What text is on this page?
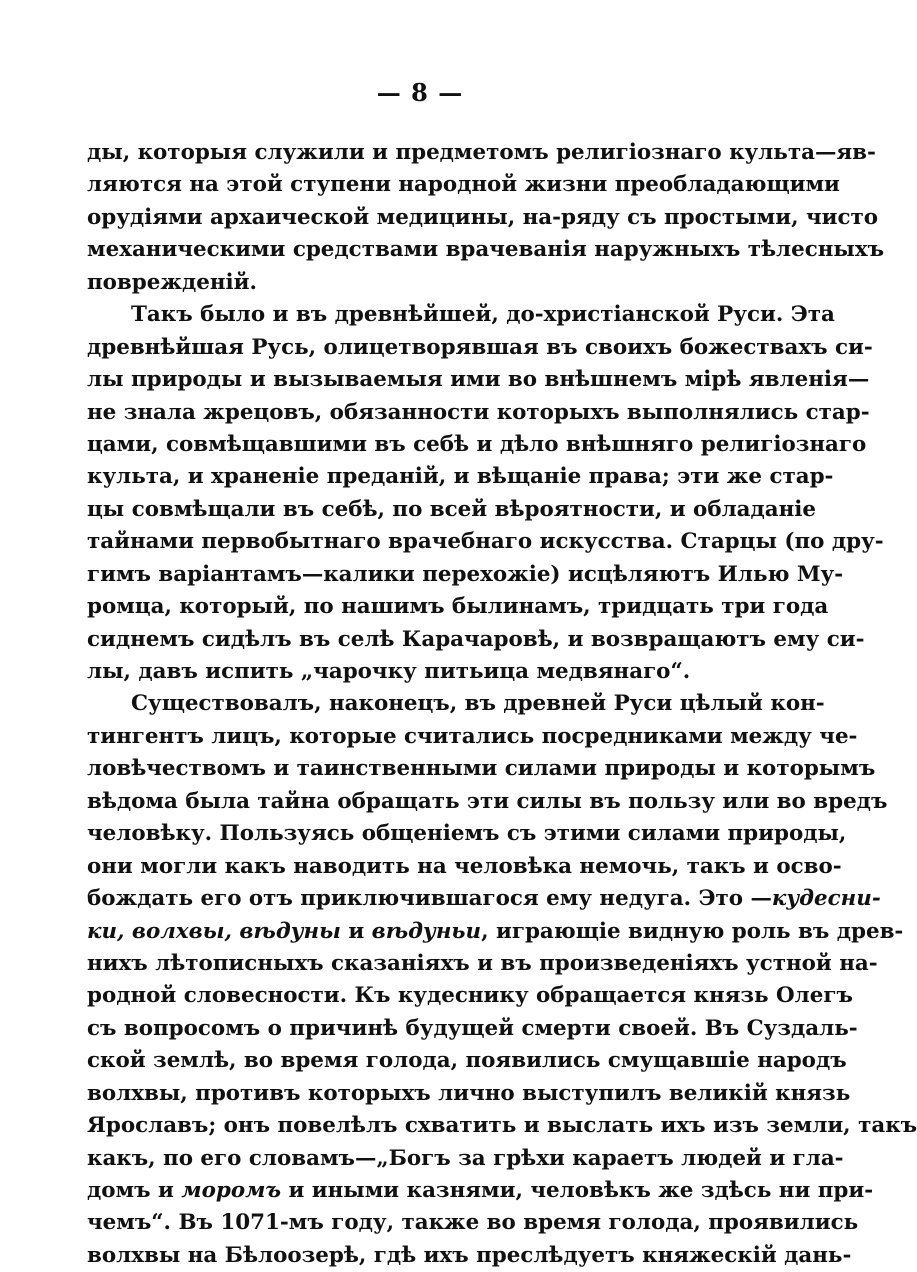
— 8 —
ды, которыя служили и предметомъ религіознаго культа—яв-
ляются на этой ступени народной жизни преобладающими
орудіями архаической медицины, на-ряду съ простыми, чисто
механическими средствами врачеванія наружныхъ тѣлесныхъ
поврежденій.
Такъ было и въ древнѣйшей, до-христіанской Руси. Эта
древнѣйшая Русь, олицетворявшая въ своихъ божествахъ си-
лы природы и вызываемыя ими во внѣшнемъ мірѣ явленія—
не знала жрецовъ, обязанности которыхъ выполнялись стар-
цами, совмѣщавшими въ себѣ и дѣло внѣшняго религіознаго
культа, и храненіе преданій, и вѣщаніе права; эти же стар-
цы совмѣщали въ себѣ, по всей вѣроятности, и обладаніе
тайнами первобытнаго врачебнаго искусства. Старцы (по дру-
гимъ варіантамъ—калики перехожіе) исцѣляютъ Илью Му-
ромца, который, по нашимъ былинамъ, тридцать три года
сиднемъ сидѣлъ въ селѣ Карачаровѣ, и возвращаютъ ему си-
лы, давъ испить „чарочку питьица медвянаго“.
Существовалъ, наконецъ, въ древней Руси цѣлый кон-
тингентъ лицъ, которые считались посредниками между чe-
ловѣчествомъ и таинственными силами природы и которымъ
вѣдома была тайна обращать эти силы въ пользу или во вредъ
человѣку. Пользуясь общеніемъ съ этими силами природы,
они могли какъ наводить на человѣка немочь, такъ и осво-
бождать его отъ приключившагося ему недуга. Это —кудесни-
ки, волхвы, вѣдуны и вѣдуньи, играющіе видную роль въ древ-
нихъ лѣтописныхъ сказаніяхъ и въ произведеніяхъ устной на-
родной словесности. Къ кудеснику обращается князь Олегъ
съ вопросомъ о причинѣ будущей смерти своей. Въ Суздаль-
ской землѣ, во время голода, появились смущавшіе народъ
волхвы, противъ которыхъ лично выступилъ великій князь
Ярославъ; онъ повелѣлъ схватить и выслать ихъ изъ земли, такъ
какъ, по его словамъ—„Богъ за грѣхи караетъ людей и гла-
домъ и моромъ и иными казнями, человѣкъ же здѣсь ни при-
чемъ“. Въ 1071-мъ году, также во время голода, проявились
волхвы на Бѣлоозерѣ, гдѣ ихъ преслѣдуетъ княжескій дань-
